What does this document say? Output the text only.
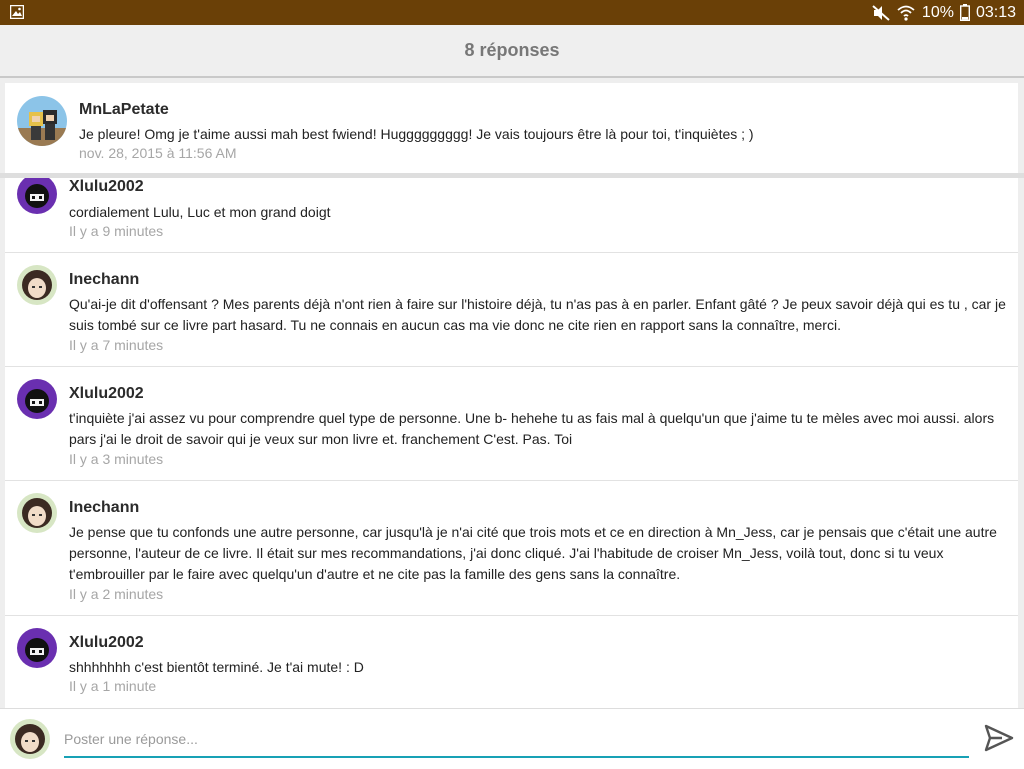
10% 03:13
8 réponses
MnLaPetate
Je pleure! Omg je t'aime aussi mah best fwiend! Huggggggggg! Je vais toujours être là pour toi, t'inquiètes ; )
nov. 28, 2015 à 11:56 AM
Xlulu2002
cordialement Lulu, Luc et mon grand doigt
Il y a 9 minutes
Inechann
Qu'ai-je dit d'offensant ? Mes parents déjà n'ont rien à faire sur l'histoire déjà, tu n'as pas à en parler. Enfant gâté ? Je peux savoir déjà qui es tu , car je suis tombé sur ce livre part hasard. Tu ne connais en aucun cas ma vie donc ne cite rien en rapport sans la connaître, merci.
Il y a 7 minutes
Xlulu2002
t'inquiète j'ai assez vu pour comprendre quel type de personne. Une b- hehehe tu as fais mal à quelqu'un que j'aime tu te mèles avec moi aussi. alors pars j'ai le droit de savoir qui je veux sur mon livre et. franchement C'est. Pas. Toi
Il y a 3 minutes
Inechann
Je pense que tu confonds une autre personne, car jusqu'là je n'ai cité que trois mots et ce en direction à Mn_Jess, car je pensais que c'était une autre personne, l'auteur de ce livre. Il était sur mes recommandations, j'ai donc cliqué. J'ai l'habitude de croiser Mn_Jess, voilà tout, donc si tu veux t'embrouiller par le faire avec quelqu'un d'autre et ne cite pas la famille des gens sans la connaître.
Il y a 2 minutes
Xlulu2002
shhhhhhh c'est bientôt terminé. Je t'ai mute! : D
Il y a 1 minute
Poster une réponse...
